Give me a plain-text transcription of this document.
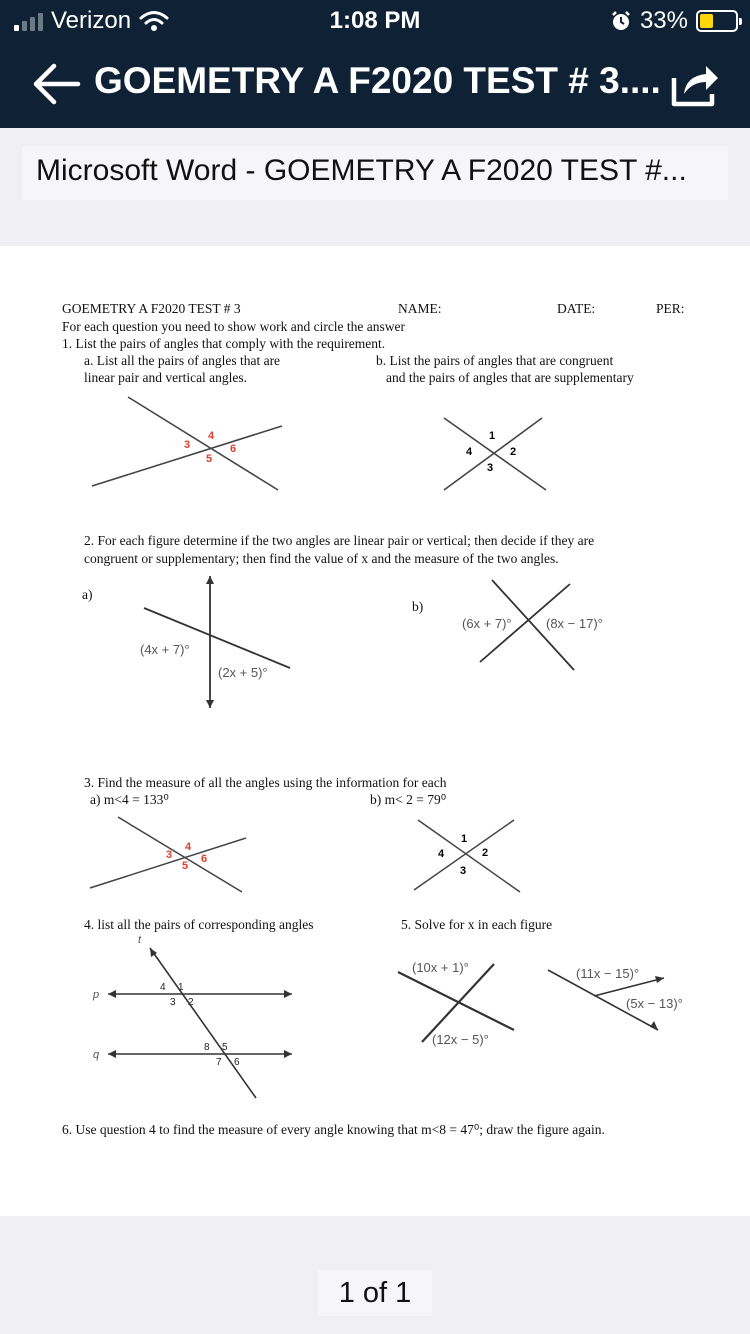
Verizon	1:08 PM	33%
GOEMETRY A F2020 TEST # 3....
Microsoft Word - GOEMETRY A F2020 TEST #...
GOEMETRY A F2020 TEST # 3	NAME:	DATE:	PER:
For each question you need to show work and circle the answer
1. List the pairs of angles that comply with the requirement.
a. List all the pairs of angles that are
linear pair and vertical angles.
b. List the pairs of angles that are congruent
and the pairs of angles that are supplementary
3
4
5
6
1
2
3
4
2. For each figure determine if the two angles are linear pair or vertical; then decide if they are
congruent or supplementary; then find the value of x and the measure of the two angles.
a)
b)
(4x + 7)°
(2x + 5)°
(6x + 7)°	(8x − 17)°
3. Find the measure of all the angles using the information for each
a) m<4 = 133⁰	b) m< 2 = 79⁰
3
4
5
6
1
2
3
4
4. list all the pairs of corresponding angles	5. Solve for x in each figure
t
p
q
4 1
3 2
8 5
7 6
(10x + 1)°
(12x − 5)°
(11x − 15)°
(5x − 13)°
6. Use question 4 to find the measure of every angle knowing that m<8 = 47⁰; draw the figure again.
1 of 1
